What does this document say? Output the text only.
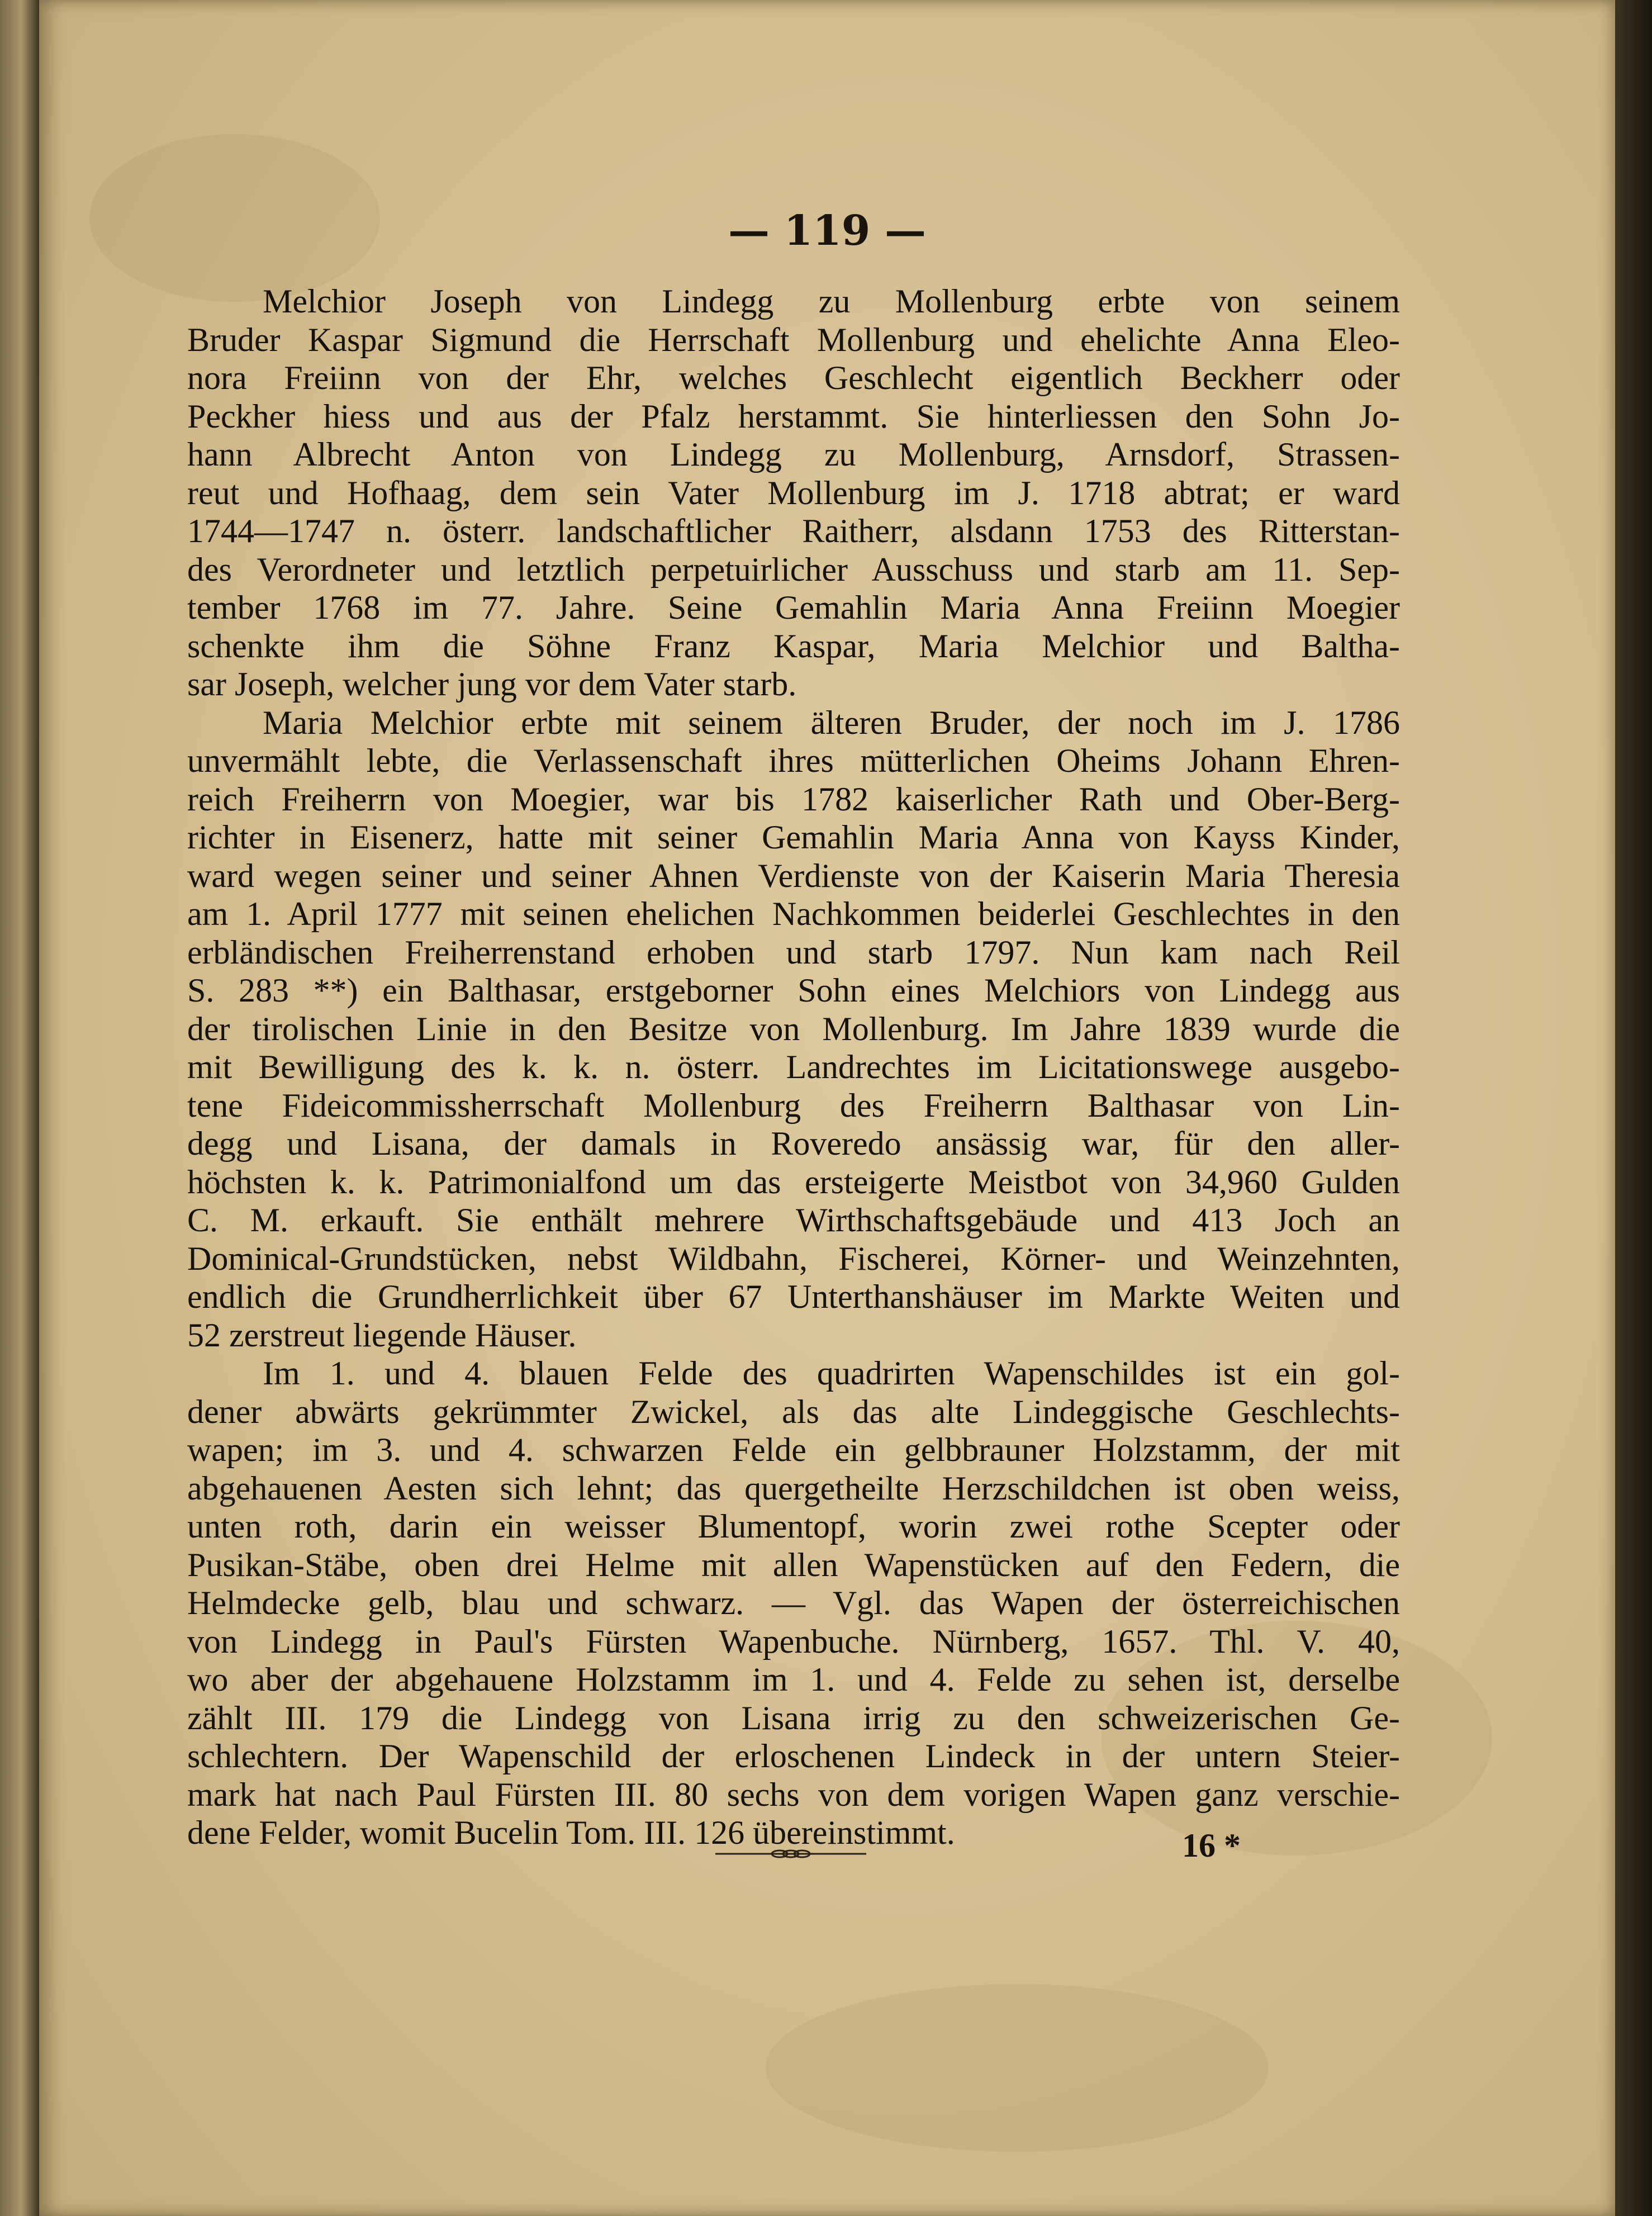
— 119 —
Melchior Joseph von Lindegg zu Mollenburg erbte von seinem
Bruder Kaspar Sigmund die Herrschaft Mollenburg und ehelichte Anna Eleo-
nora Freiinn von der Ehr, welches Geschlecht eigentlich Beckherr oder
Peckher hiess und aus der Pfalz herstammt. Sie hinterliessen den Sohn Jo-
hann Albrecht Anton von Lindegg zu Mollenburg, Arnsdorf, Strassen-
reut und Hofhaag, dem sein Vater Mollenburg im J. 1718 abtrat; er ward
1744—1747 n. österr. landschaftlicher Raitherr, alsdann 1753 des Ritterstan-
des Verordneter und letztlich perpetuirlicher Ausschuss und starb am 11. Sep-
tember 1768 im 77. Jahre. Seine Gemahlin Maria Anna Freiinn Moegier
schenkte ihm die Söhne Franz Kaspar, Maria Melchior und Baltha-
sar Joseph, welcher jung vor dem Vater starb.
Maria Melchior erbte mit seinem älteren Bruder, der noch im J. 1786
unvermählt lebte, die Verlassenschaft ihres mütterlichen Oheims Johann Ehren-
reich Freiherrn von Moegier, war bis 1782 kaiserlicher Rath und Ober-Berg-
richter in Eisenerz, hatte mit seiner Gemahlin Maria Anna von Kayss Kinder,
ward wegen seiner und seiner Ahnen Verdienste von der Kaiserin Maria Theresia
am 1. April 1777 mit seinen ehelichen Nachkommen beiderlei Geschlechtes in den
erbländischen Freiherrenstand erhoben und starb 1797. Nun kam nach Reil
S. 283 **) ein Balthasar, erstgeborner Sohn eines Melchiors von Lindegg aus
der tirolischen Linie in den Besitze von Mollenburg. Im Jahre 1839 wurde die
mit Bewilligung des k. k. n. österr. Landrechtes im Licitationswege ausgebo-
tene Fideicommissherrschaft Mollenburg des Freiherrn Balthasar von Lin-
degg und Lisana, der damals in Roveredo ansässig war, für den aller-
höchsten k. k. Patrimonialfond um das ersteigerte Meistbot von 34,960 Gulden
C. M. erkauft. Sie enthält mehrere Wirthschaftsgebäude und 413 Joch an
Dominical-Grundstücken, nebst Wildbahn, Fischerei, Körner- und Weinzehnten,
endlich die Grundherrlichkeit über 67 Unterthanshäuser im Markte Weiten und
52 zerstreut liegende Häuser.
Im 1. und 4. blauen Felde des quadrirten Wapenschildes ist ein gol-
dener abwärts gekrümmter Zwickel, als das alte Lindeggische Geschlechts-
wapen; im 3. und 4. schwarzen Felde ein gelbbrauner Holzstamm, der mit
abgehauenen Aesten sich lehnt; das quergetheilte Herzschildchen ist oben weiss,
unten roth, darin ein weisser Blumentopf, worin zwei rothe Scepter oder
Pusikan-Stäbe, oben drei Helme mit allen Wapenstücken auf den Federn, die
Helmdecke gelb, blau und schwarz. — Vgl. das Wapen der österreichischen
von Lindegg in Paul's Fürsten Wapenbuche. Nürnberg, 1657. Thl. V. 40,
wo aber der abgehauene Holzstamm im 1. und 4. Felde zu sehen ist, derselbe
zählt III. 179 die Lindegg von Lisana irrig zu den schweizerischen Ge-
schlechtern. Der Wapenschild der erloschenen Lindeck in der untern Steier-
mark hat nach Paul Fürsten III. 80 sechs von dem vorigen Wapen ganz verschie-
dene Felder, womit Bucelin Tom. III. 126 übereinstimmt.	16 *
